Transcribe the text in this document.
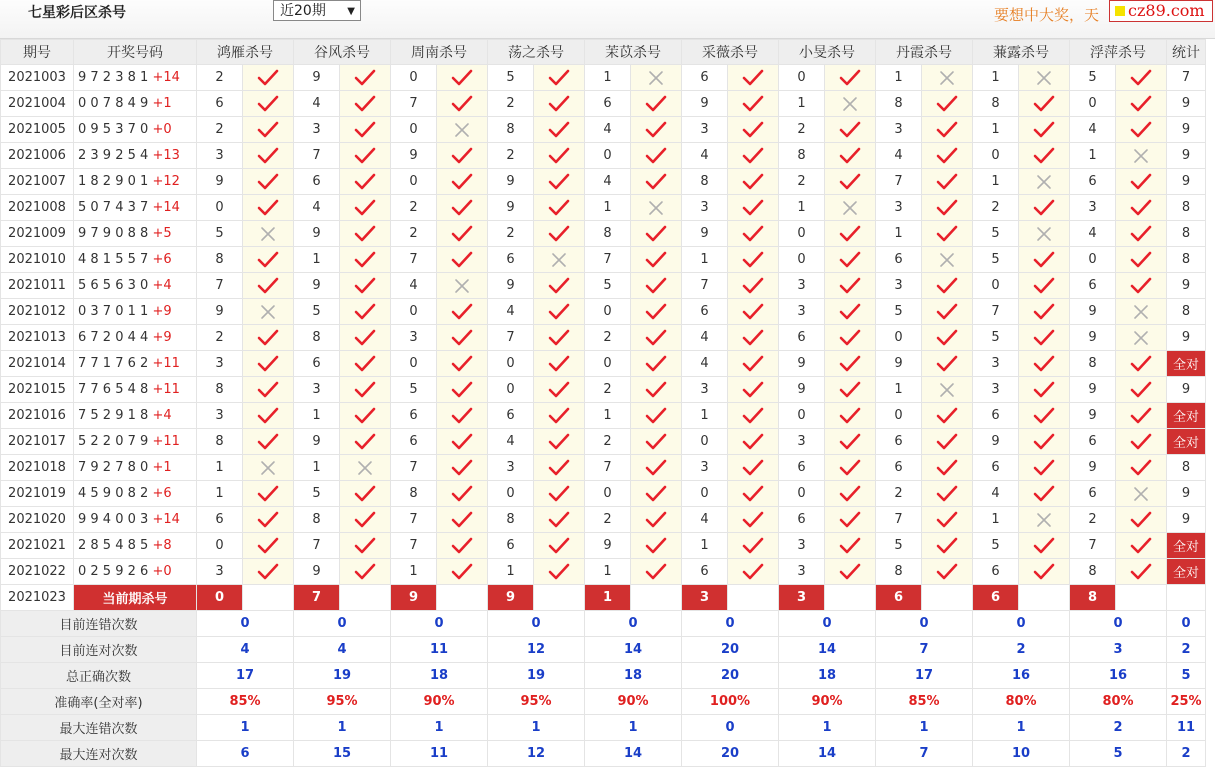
七星彩后区杀号	近20期 ▼	要想中大奖，天 cz89.com
期号	开奖号码	鸿雁杀号		谷风杀号		周南杀号		荡之杀号		茉苡杀号		采薇杀号		小旻杀号		丹霞杀号		蒹露杀号		浮萍杀号		统计
2021003	9 7 2 3 8 1 +14	2		9		0		5		1		6		0		1		1		5		7
2021004	0 0 7 8 4 9 +1	6		4		7		2		6		9		1		8		8		0		9
2021005	0 9 5 3 7 0 +0	2		3		0		8		4		3		2		3		1		4		9
2021006	2 3 9 2 5 4 +13	3		7		9		2		0		4		8		4		0		1		9
2021007	1 8 2 9 0 1 +12	9		6		0		9		4		8		2		7		1		6		9
2021008	5 0 7 4 3 7 +14	0		4		2		9		1		3		1		3		2		3		8
2021009	9 7 9 0 8 8 +5	5		9		2		2		8		9		0		1		5		4		8
2021010	4 8 1 5 5 7 +6	8		1		7		6		7		1		0		6		5		0		8
2021011	5 6 5 6 3 0 +4	7		9		4		9		5		7		3		3		0		6		9
2021012	0 3 7 0 1 1 +9	9		5		0		4		0		6		3		5		7		9		8
2021013	6 7 2 0 4 4 +9	2		8		3		7		2		4		6		0		5		9		9
2021014	7 7 1 7 6 2 +11	3		6		0		0		0		4		9		9		3		8		全对
2021015	7 7 6 5 4 8 +11	8		3		5		0		2		3		9		1		3		9		9
2021016	7 5 2 9 1 8 +4	3		1		6		6		1		1		0		0		6		9		全对
2021017	5 2 2 0 7 9 +11	8		9		6		4		2		0		3		6		9		6		全对
2021018	7 9 2 7 8 0 +1	1		1		7		3		7		3		6		6		6		9		8
2021019	4 5 9 0 8 2 +6	1		5		8		0		0		0		0		2		4		6		9
2021020	9 9 4 0 0 3 +14	6		8		7		8		2		4		6		7		1		2		9
2021021	2 8 5 4 8 5 +8	0		7		7		6		9		1		3		5		5		7		全对
2021022	0 2 5 9 2 6 +0	3		9		1		1		1		6		3		8		6		8		全对
2021023	当前期杀号	0		7		9		9		1		3		3		6		6		8		
目前连错次数		0		0		0		0		0		0		0		0		0		0		0
目前连对次数		4		4		11		12		14		20		14		7		2		3		2
总正确次数		17		19		18		19		18		20		18		17		16		16		5
准确率(全对率)		85%		95%		90%		95%		90%		100%		90%		85%		80%		80%		25%
最大连错次数		1		1		1		1		1		0		1		1		1		2		11
最大连对次数		6		15		11		12		14		20		14		7		10		5		2
